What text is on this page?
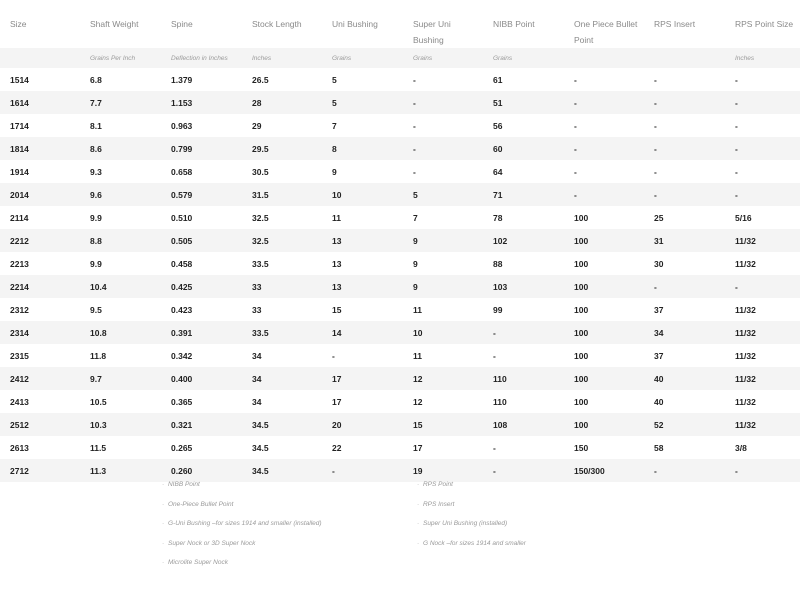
Size	Shaft Weight	Spine	Stock Length	Uni Bushing	Super Uni Bushing	NIBB Point	One Piece Bullet Point	RPS Insert	RPS Point Size
	Grains Per Inch	Deflection in Inches	Inches	Grains	Grains	Grains			Inches
1514	6.8	1.379	26.5	5	-	61	-	-	-
1614	7.7	1.153	28	5	-	51	-	-	-
1714	8.1	0.963	29	7	-	56	-	-	-
1814	8.6	0.799	29.5	8	-	60	-	-	-
1914	9.3	0.658	30.5	9	-	64	-	-	-
2014	9.6	0.579	31.5	10	5	71	-	-	-
2114	9.9	0.510	32.5	11	7	78	100	25	5/16
2212	8.8	0.505	32.5	13	9	102	100	31	11/32
2213	9.9	0.458	33.5	13	9	88	100	30	11/32
2214	10.4	0.425	33	13	9	103	100	-	-
2312	9.5	0.423	33	15	11	99	100	37	11/32
2314	10.8	0.391	33.5	14	10	-	100	34	11/32
2315	11.8	0.342	34	-	11	-	100	37	11/32
2412	9.7	0.400	34	17	12	110	100	40	11/32
2413	10.5	0.365	34	17	12	110	100	40	11/32
2512	10.3	0.321	34.5	20	15	108	100	52	11/32
2613	11.5	0.265	34.5	22	17	-	150	58	3/8
2712	11.3	0.260	34.5	-	19	-	150/300	-	-
· NIBB Point
· One-Piece Bullet Point
· G-Uni Bushing –for sizes 1914 and smaller (installed)
· Super Nock or 3D Super Nock
· Microlite Super Nock
· RPS Point
· RPS Insert
· Super Uni Bushing (installed)
· G Nock –for sizes 1914 and smaller
